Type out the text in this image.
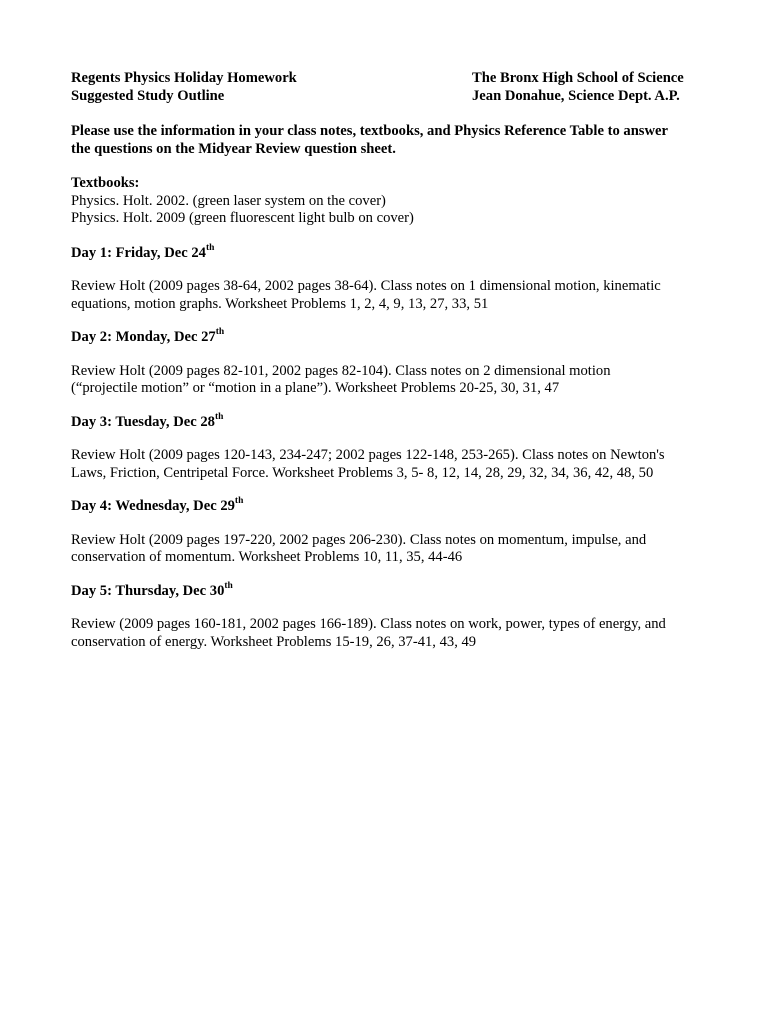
Regents Physics Holiday Homework	The Bronx High School of Science
Suggested Study Outline	Jean Donahue, Science Dept. A.P.

Please use the information in your class notes, textbooks, and Physics Reference Table to answer

the questions on the Midyear Review question sheet.

Textbooks:

Physics. Holt. 2002. (green laser system on the cover)

Physics. Holt. 2009 (green fluorescent light bulb on cover)

Day 1: Friday, Dec 24th

Review Holt (2009 pages 38-64, 2002 pages 38-64). Class notes on 1 dimensional motion, kinematic

equations, motion graphs. Worksheet Problems 1, 2, 4, 9, 13, 27, 33, 51

Day 2: Monday, Dec 27th

Review Holt (2009 pages 82-101, 2002 pages 82-104). Class notes on 2 dimensional motion

(“projectile motion” or “motion in a plane”). Worksheet Problems 20-25, 30, 31, 47

Day 3: Tuesday, Dec 28th

Review Holt (2009 pages 120-143, 234-247; 2002 pages 122-148, 253-265). Class notes on Newton's

Laws, Friction, Centripetal Force. Worksheet Problems 3, 5- 8, 12, 14, 28, 29, 32, 34, 36, 42, 48, 50

Day 4: Wednesday, Dec 29th

Review Holt (2009 pages 197-220, 2002 pages 206-230). Class notes on momentum, impulse, and

conservation of momentum. Worksheet Problems 10, 11, 35, 44-46

Day 5: Thursday, Dec 30th

Review (2009 pages 160-181, 2002 pages 166-189). Class notes on work, power, types of energy, and

conservation of energy. Worksheet Problems 15-19, 26, 37-41, 43, 49
